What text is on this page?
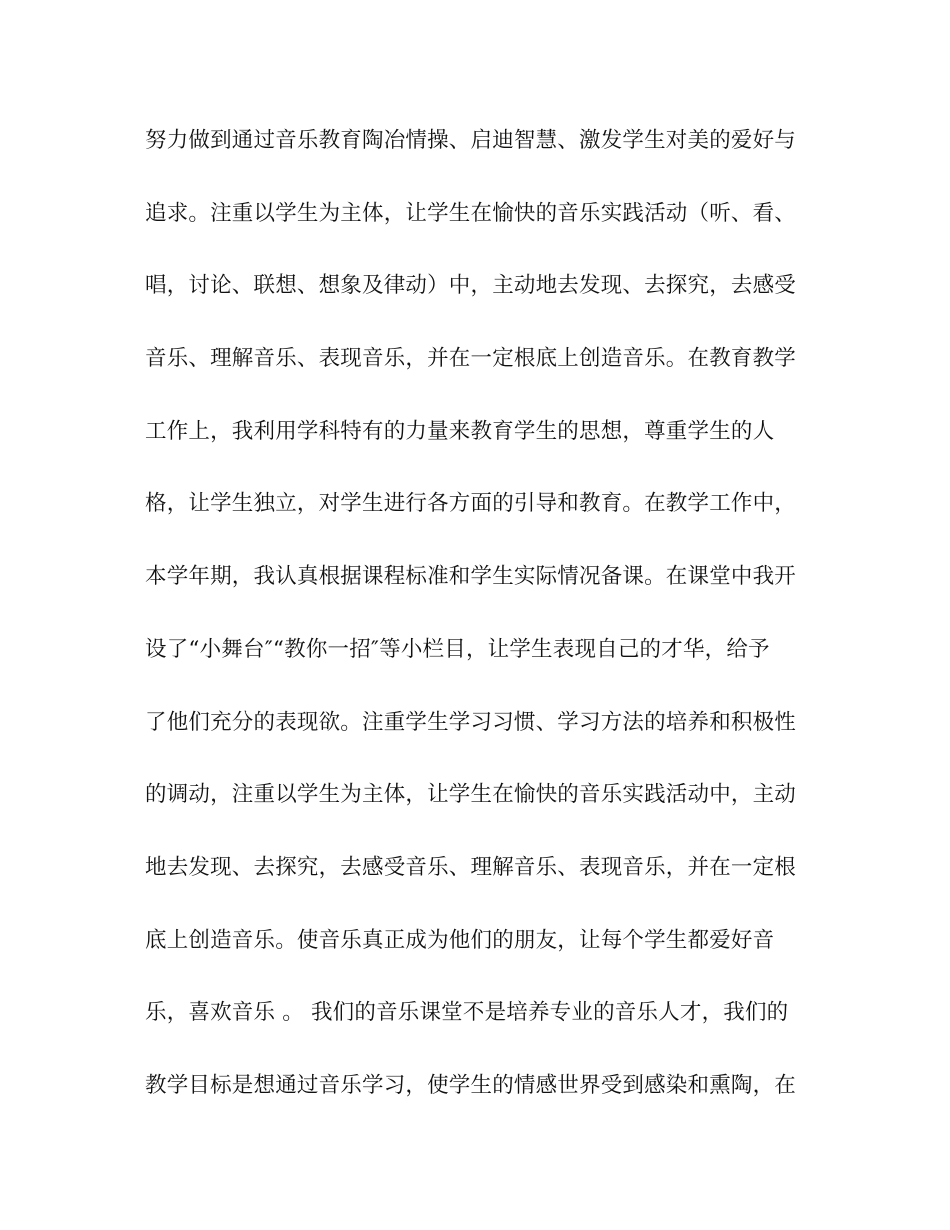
努力做到通过音乐教育陶冶情操、启迪智慧、激发学生对美的爱好与
追求。注重以学生为主体，让学生在愉快的音乐实践活动（听、看、
唱，讨论、联想、想象及律动）中，主动地去发现、去探究，去感受
音乐、理解音乐、表现音乐，并在一定根底上创造音乐。在教育教学
工作上，我利用学科特有的力量来教育学生的思想，尊重学生的人
格，让学生独立，对学生进行各方面的引导和教育。在教学工作中，
本学年期，我认真根据课程标准和学生实际情况备课。在课堂中我开
设了“小舞台″“教你一招″等小栏目，让学生表现自己的才华，给予
了他们充分的表现欲。注重学生学习习惯、学习方法的培养和积极性
的调动，注重以学生为主体，让学生在愉快的音乐实践活动中，主动
地去发现、去探究，去感受音乐、理解音乐、表现音乐，并在一定根
底上创造音乐。使音乐真正成为他们的朋友，让每个学生都爱好音
乐，喜欢音乐 。 我们的音乐课堂不是培养专业的音乐人才，我们的
教学目标是想通过音乐学习，使学生的情感世界受到感染和熏陶，在
